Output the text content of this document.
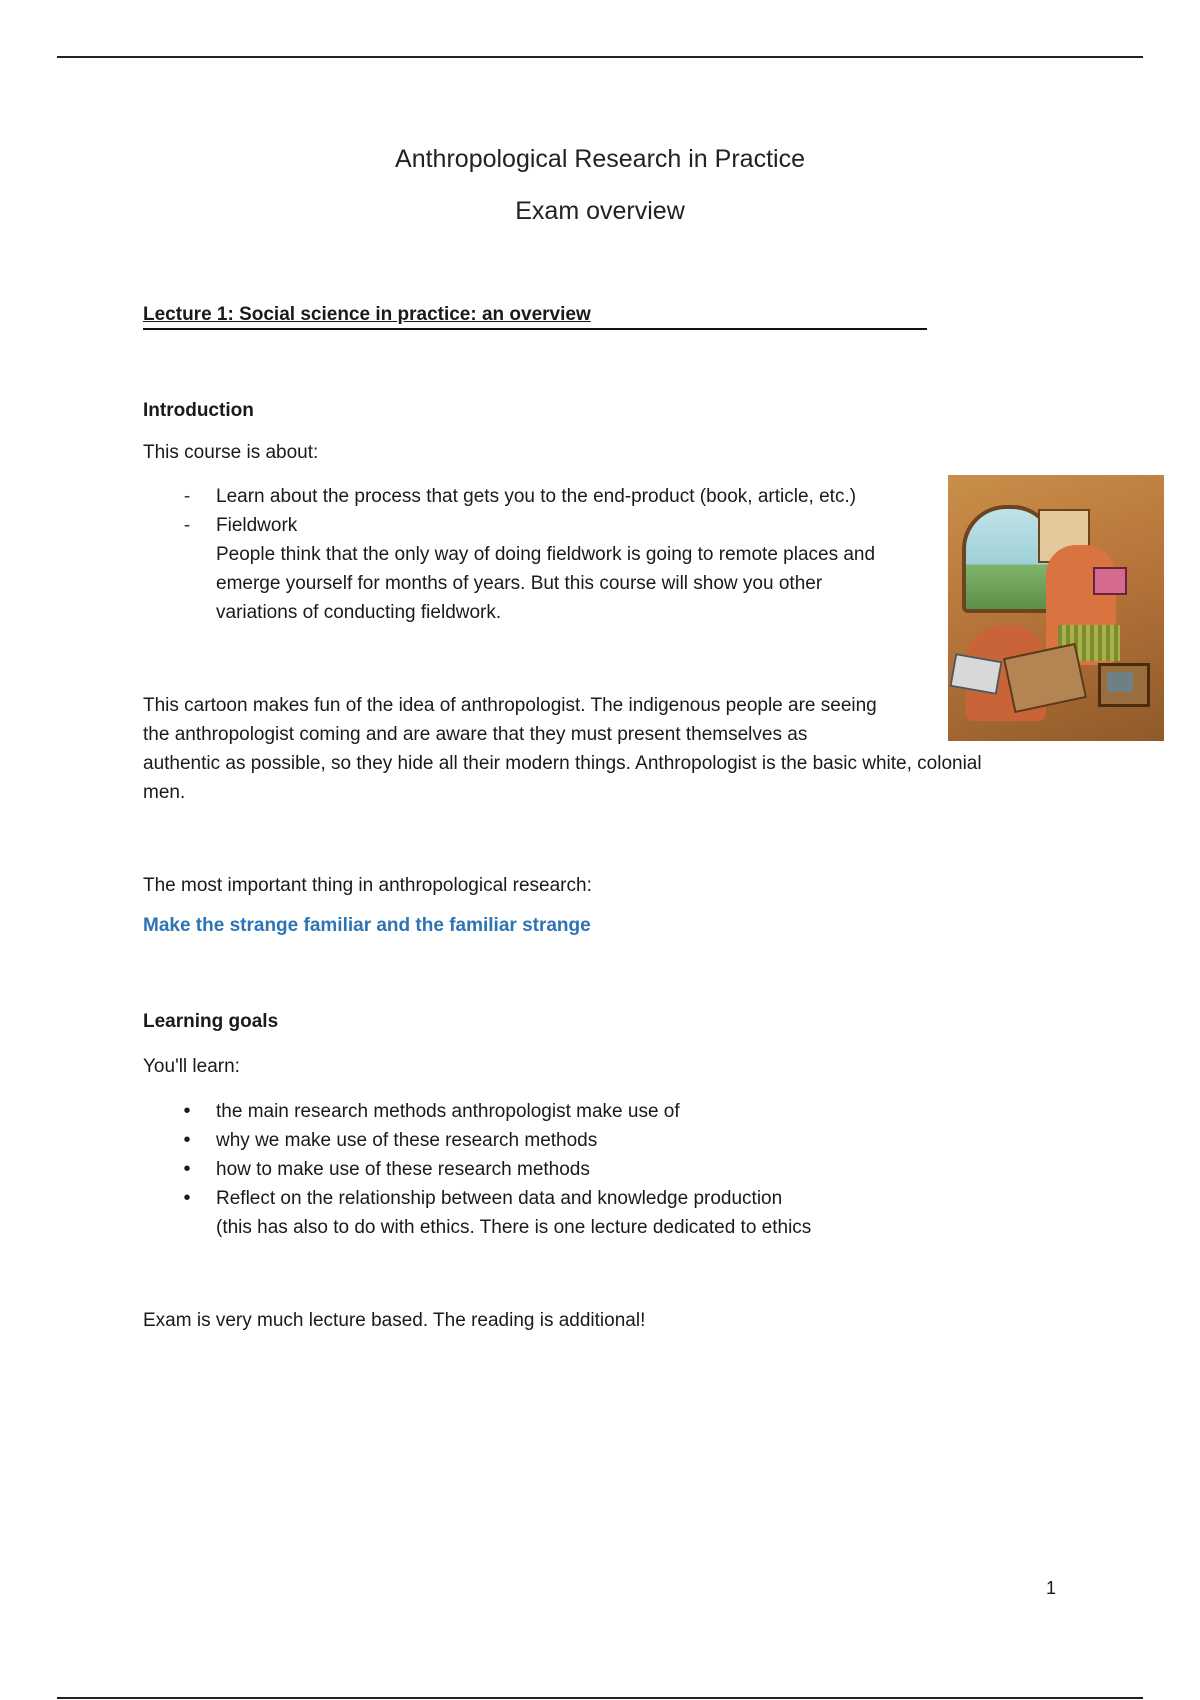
Anthropological Research in Practice
Exam overview
Lecture 1: Social science in practice: an overview
Introduction
This course is about:
- Learn about the process that gets you to the end-product (book, article, etc.)
- Fieldwork
People think that the only way of doing fieldwork is going to remote places and
emerge yourself for months of years. But this course will show you other
variations of conducting fieldwork.
This cartoon makes fun of the idea of anthropologist. The indigenous people are seeing
the anthropologist coming and are aware that they must present themselves as
authentic as possible, so they hide all their modern things. Anthropologist is the basic white, colonial
men.
The most important thing in anthropological research:
Make the strange familiar and the familiar strange
Learning goals
You'll learn:
• the main research methods anthropologist make use of
• why we make use of these research methods
• how to make use of these research methods
• Reflect on the relationship between data and knowledge production
(this has also to do with ethics. There is one lecture dedicated to ethics
Exam is very much lecture based. The reading is additional!
1
